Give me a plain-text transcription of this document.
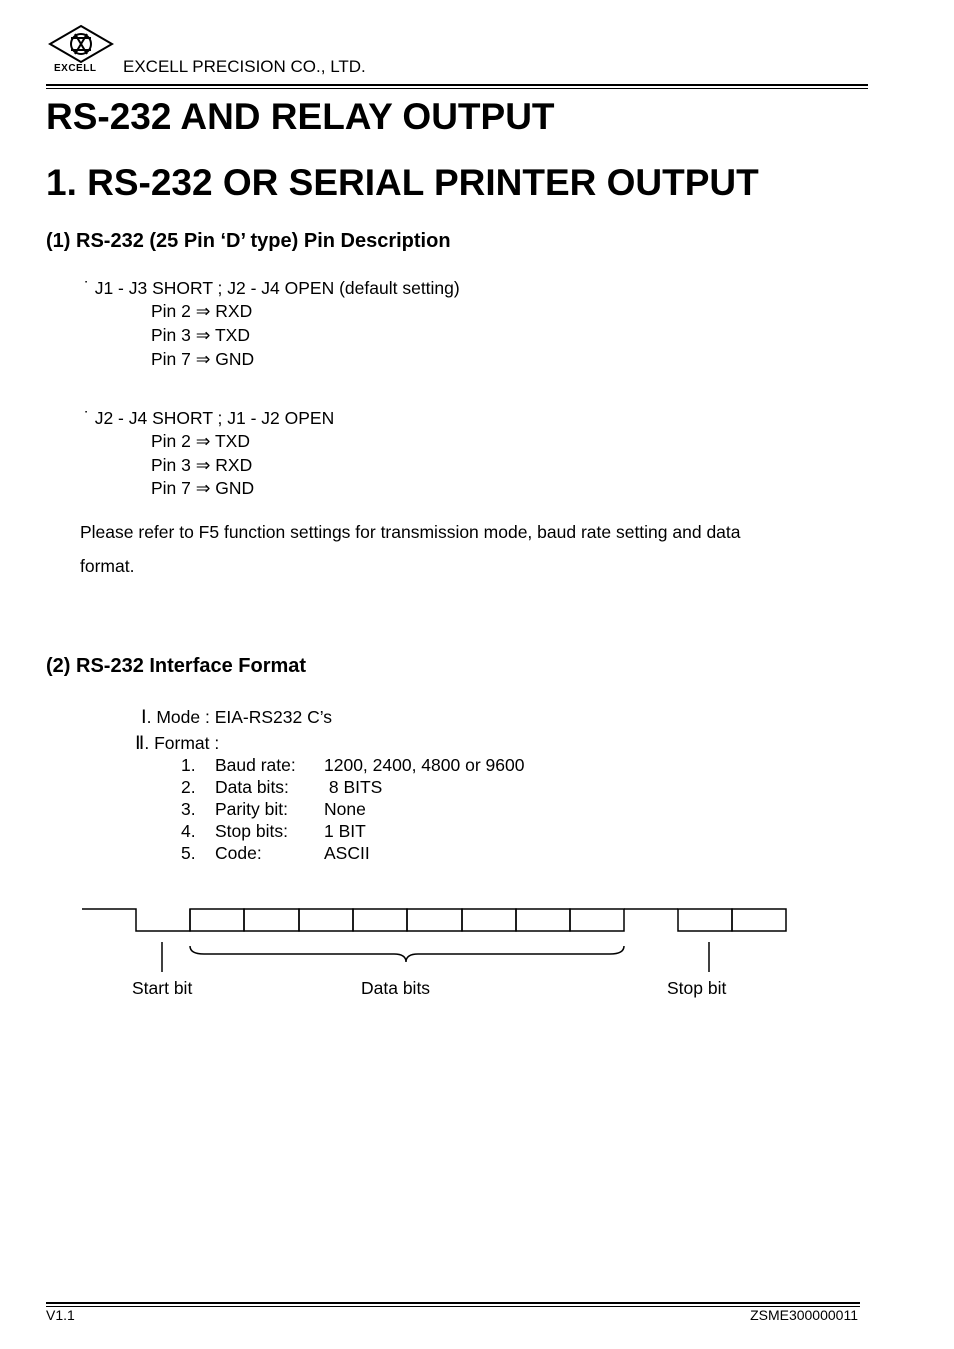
EXCELL EXCELL PRECISION CO., LTD.
RS-232 AND RELAY OUTPUT
1. RS-232 OR SERIAL PRINTER OUTPUT
(1) RS-232 (25 Pin ‘D’ type) Pin Description
˙ J1 - J3 SHORT ; J2 - J4 OPEN (default setting)
Pin 2 ⇒ RXD
Pin 3 ⇒ TXD
Pin 7 ⇒ GND
˙ J2 - J4 SHORT ; J1 - J2 OPEN
Pin 2 ⇒ TXD
Pin 3 ⇒ RXD
Pin 7 ⇒ GND
Please refer to F5 function settings for transmission mode, baud rate setting and data
format.
(2) RS-232 Interface Format
Ⅰ. Mode : EIA-RS232 C’s
Ⅱ. Format :
1. Baud rate: 1200, 2400, 4800 or 9600
2. Data bits: 8 BITS
3. Parity bit: None
4. Stop bits: 1 BIT
5. Code:	ASCII
Start bit	Data bits	Stop bit
V1.1	ZSME300000011
